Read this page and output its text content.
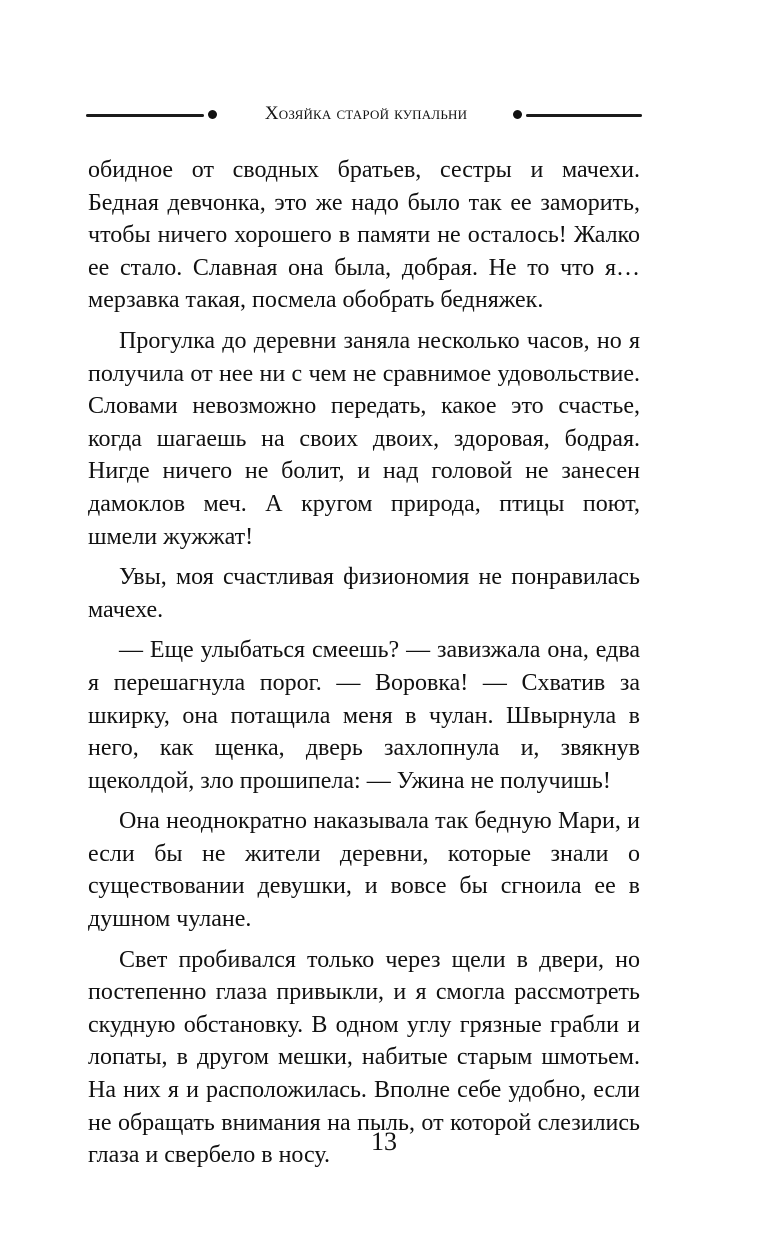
Хозяйка старой купальни

обидное от сводных братьев, сестры и мачехи. Бедная девчонка, это же надо было так ее заморить, чтобы ничего хорошего в памяти не осталось! Жалко ее стало. Славная она была, добрая. Не то что я… мерзавка такая, посмела обобрать бедняжек.

Прогулка до деревни заняла несколько часов, но я получила от нее ни с чем не сравнимое удовольствие. Словами невозможно передать, какое это счастье, когда шагаешь на своих двоих, здоровая, бодрая. Нигде ничего не болит, и над головой не занесен дамоклов меч. А кругом природа, птицы поют, шмели жужжат!

Увы, моя счастливая физиономия не понравилась мачехе.

— Еще улыбаться смеешь? — завизжала она, едва я перешагнула порог. — Воровка! — Схватив за шкирку, она потащила меня в чулан. Швырнула в него, как щенка, дверь захлопнула и, звякнув щеколдой, зло прошипела: — Ужина не получишь!

Она неоднократно наказывала так бедную Мари, и если бы не жители деревни, которые знали о существовании девушки, и вовсе бы сгноила ее в душном чулане.

Свет пробивался только через щели в двери, но постепенно глаза привыкли, и я смогла рассмотреть скудную обстановку. В одном углу грязные грабли и лопаты, в другом мешки, набитые старым шмотьем. На них я и расположилась. Вполне себе удобно, если не обращать внимания на пыль, от которой слезились глаза и свербело в носу.	13
